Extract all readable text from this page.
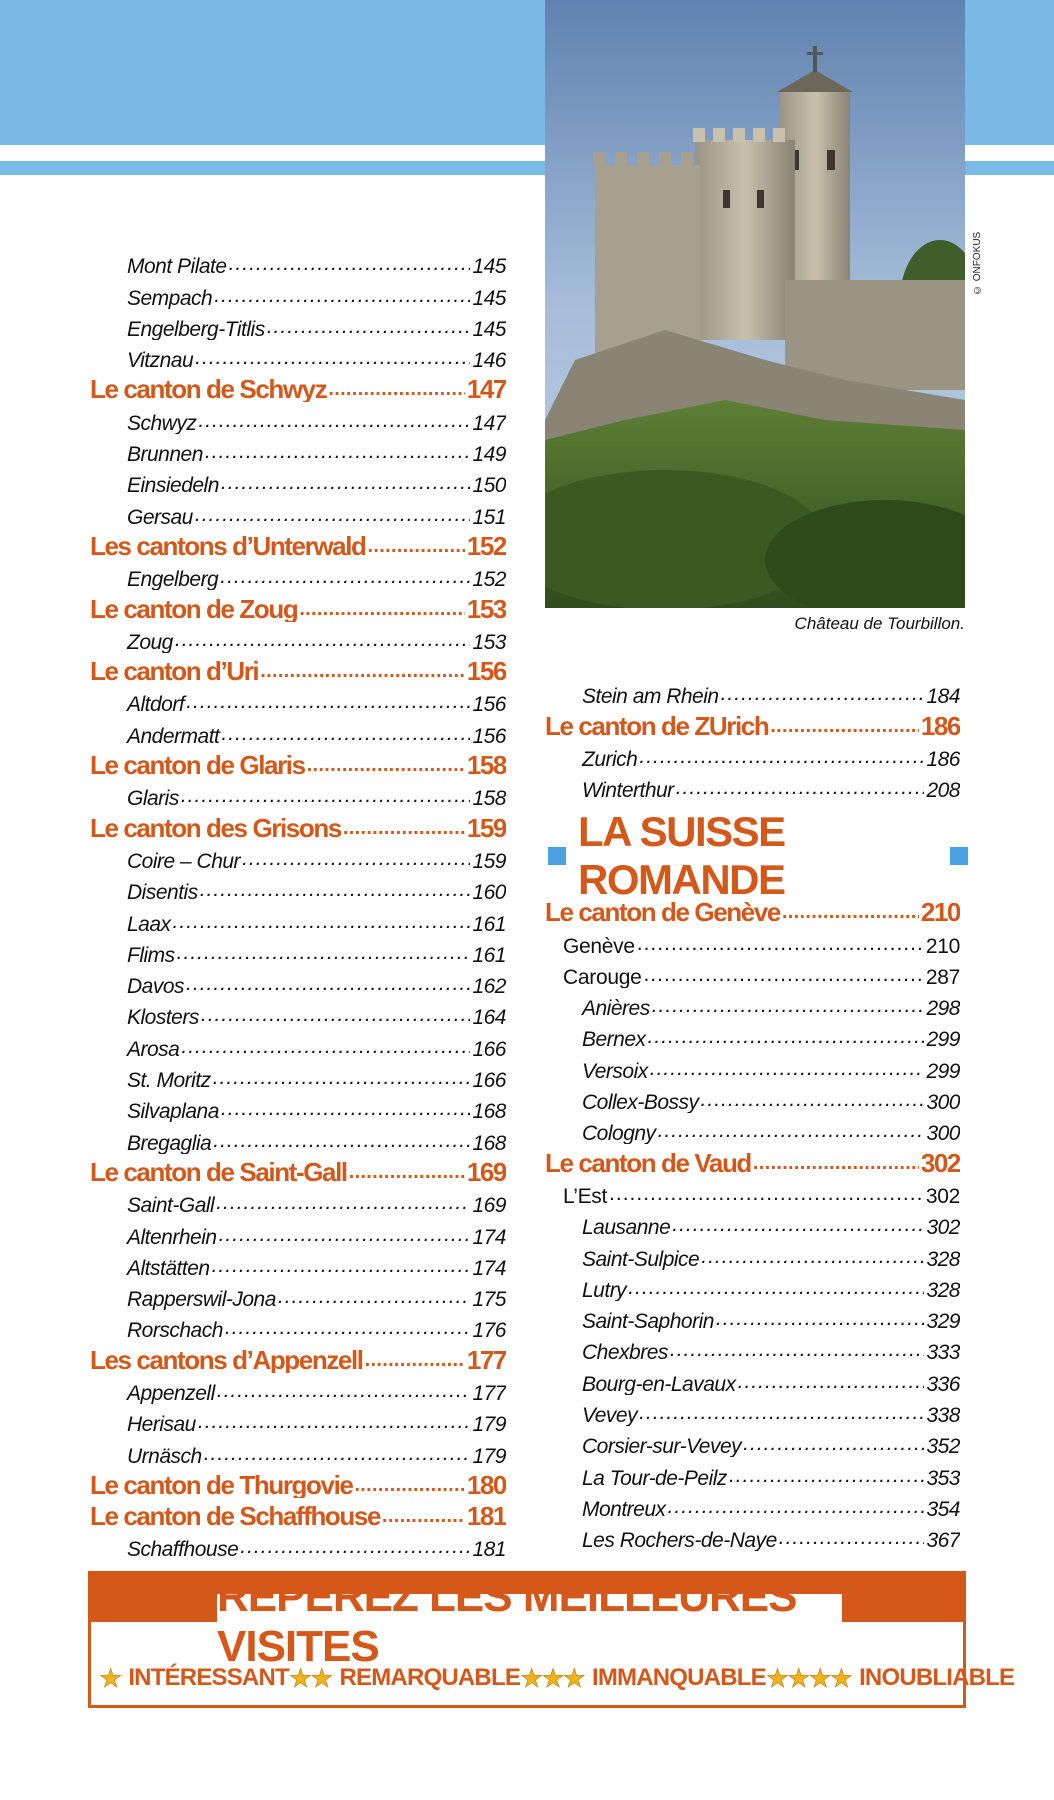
© ONFOKUS
Château de Tourbillon.
Mont Pilate .....	145
Sempach .....	145
Engelberg-Titlis .....	145
Vitznau .....	146
Le canton de Schwyz .....	147
Schwyz .....	147
Brunnen .....	149
Einsiedeln .....	150
Gersau .....	151
Les cantons d’Unterwald .....	152
Engelberg .....	152
Le canton de Zoug .....	153
Zoug .....	153
Le canton d’Uri .....	156
Altdorf .....	156
Andermatt .....	156
Le canton de Glaris .....	158
Glaris .....	158
Le canton des Grisons .....	159
Coire – Chur .....	159
Disentis .....	160
Laax .....	161
Flims .....	161
Davos .....	162
Klosters .....	164
Arosa .....	166
St. Moritz .....	166
Silvaplana .....	168
Bregaglia .....	168
Le canton de Saint-Gall .....	169
Saint-Gall .....	169
Altenrhein .....	174
Altstätten .....	174
Rapperswil-Jona .....	175
Rorschach .....	176
Les cantons d’Appenzell .....	177
Appenzell .....	177
Herisau .....	179
Urnäsch .....	179
Le canton de Thurgovie .....	180
Le canton de Schaffhouse .....	181
Schaffhouse .....	181
Stein am Rhein .....	184
Le canton de ZUrich .....	186
Zurich .....	186
Winterthur .....	208
LA SUISSE ROMANDE
Le canton de Genève .....	210
Genève .....	210
Carouge .....	287
Anières .....	298
Bernex .....	299
Versoix .....	299
Collex-Bossy .....	300
Cologny .....	300
Le canton de Vaud .....	302
L’Est .....	302
Lausanne .....	302
Saint-Sulpice .....	328
Lutry .....	328
Saint-Saphorin .....	329
Chexbres .....	333
Bourg-en-Lavaux .....	336
Vevey .....	338
Corsier-sur-Vevey .....	352
La Tour-de-Peilz .....	353
Montreux .....	354
Les Rochers-de-Naye .....	367
REPÉREZ LES MEILLEURES VISITES
★ INTÉRESSANT ★★ REMARQUABLE ★★★ IMMANQUABLE ★★★★ INOUBLIABLE
